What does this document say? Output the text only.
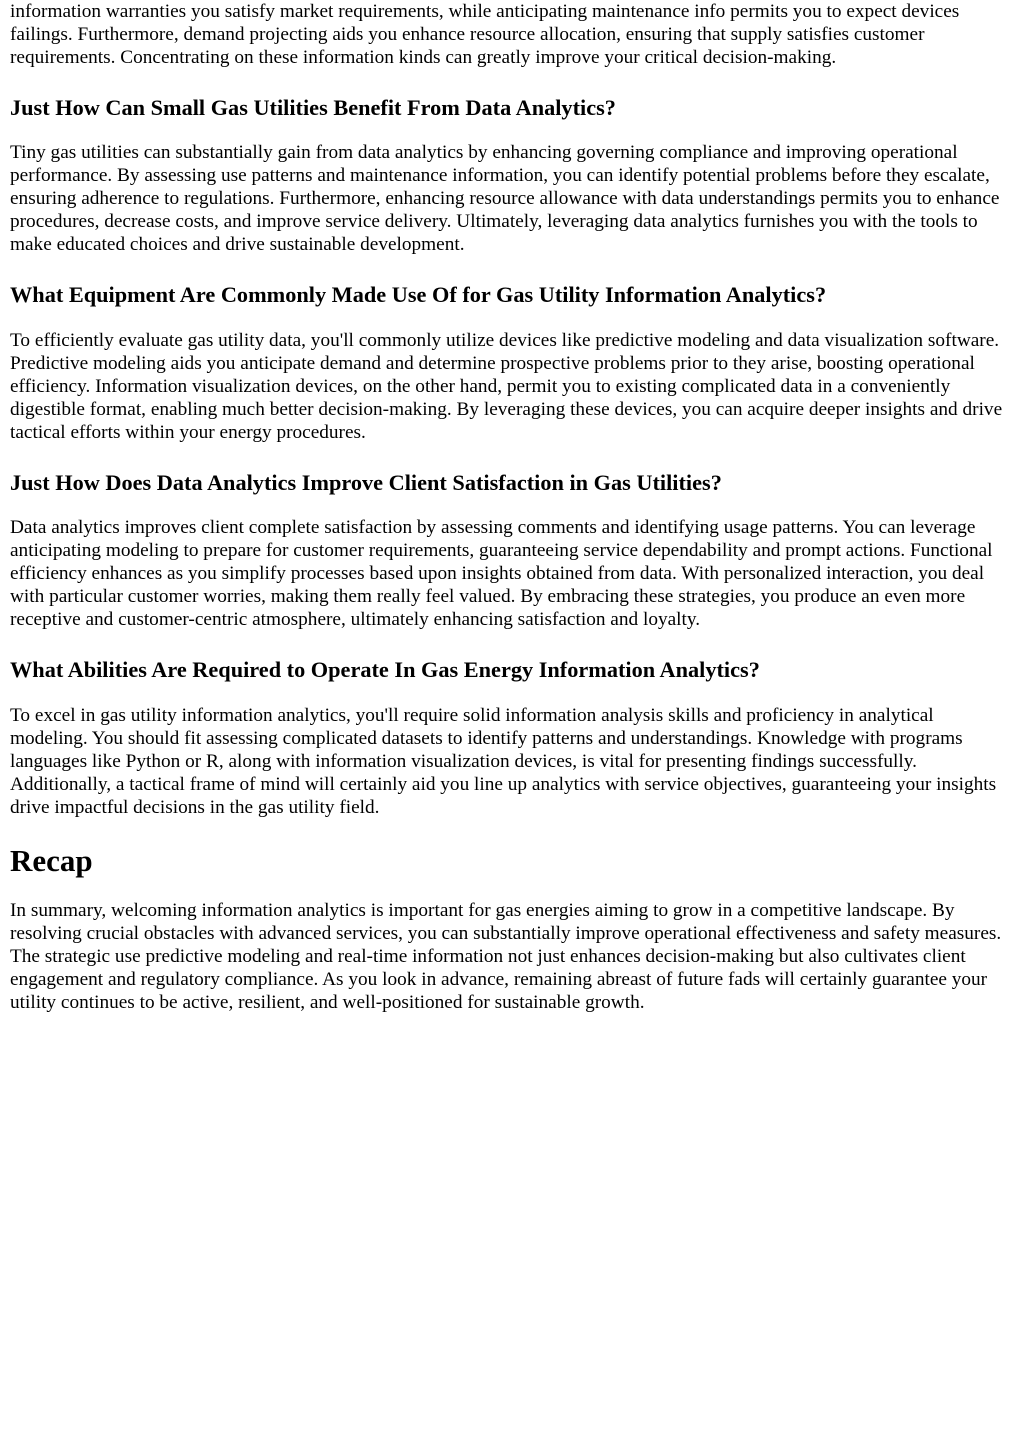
information warranties you satisfy market requirements, while anticipating maintenance info permits you to expect devices failings. Furthermore, demand projecting aids you enhance resource allocation, ensuring that supply satisfies customer requirements. Concentrating on these information kinds can greatly improve your critical decision-making.

Just How Can Small Gas Utilities Benefit From Data Analytics?

Tiny gas utilities can substantially gain from data analytics by enhancing governing compliance and improving operational performance. By assessing use patterns and maintenance information, you can identify potential problems before they escalate, ensuring adherence to regulations. Furthermore, enhancing resource allowance with data understandings permits you to enhance procedures, decrease costs, and improve service delivery. Ultimately, leveraging data analytics furnishes you with the tools to make educated choices and drive sustainable development.

What Equipment Are Commonly Made Use Of for Gas Utility Information Analytics?

To efficiently evaluate gas utility data, you'll commonly utilize devices like predictive modeling and data visualization software. Predictive modeling aids you anticipate demand and determine prospective problems prior to they arise, boosting operational efficiency. Information visualization devices, on the other hand, permit you to existing complicated data in a conveniently digestible format, enabling much better decision-making. By leveraging these devices, you can acquire deeper insights and drive tactical efforts within your energy procedures.

Just How Does Data Analytics Improve Client Satisfaction in Gas Utilities?

Data analytics improves client complete satisfaction by assessing comments and identifying usage patterns. You can leverage anticipating modeling to prepare for customer requirements, guaranteeing service dependability and prompt actions. Functional efficiency enhances as you simplify processes based upon insights obtained from data. With personalized interaction, you deal with particular customer worries, making them really feel valued. By embracing these strategies, you produce an even more receptive and customer-centric atmosphere, ultimately enhancing satisfaction and loyalty.

What Abilities Are Required to Operate In Gas Energy Information Analytics?

To excel in gas utility information analytics, you'll require solid information analysis skills and proficiency in analytical modeling. You should fit assessing complicated datasets to identify patterns and understandings. Knowledge with programs languages like Python or R, along with information visualization devices, is vital for presenting findings successfully. Additionally, a tactical frame of mind will certainly aid you line up analytics with service objectives, guaranteeing your insights drive impactful decisions in the gas utility field.

Recap

In summary, welcoming information analytics is important for gas energies aiming to grow in a competitive landscape. By resolving crucial obstacles with advanced services, you can substantially improve operational effectiveness and safety measures. The strategic use predictive modeling and real-time information not just enhances decision-making but also cultivates client engagement and regulatory compliance. As you look in advance, remaining abreast of future fads will certainly guarantee your utility continues to be active, resilient, and well-positioned for sustainable growth.
